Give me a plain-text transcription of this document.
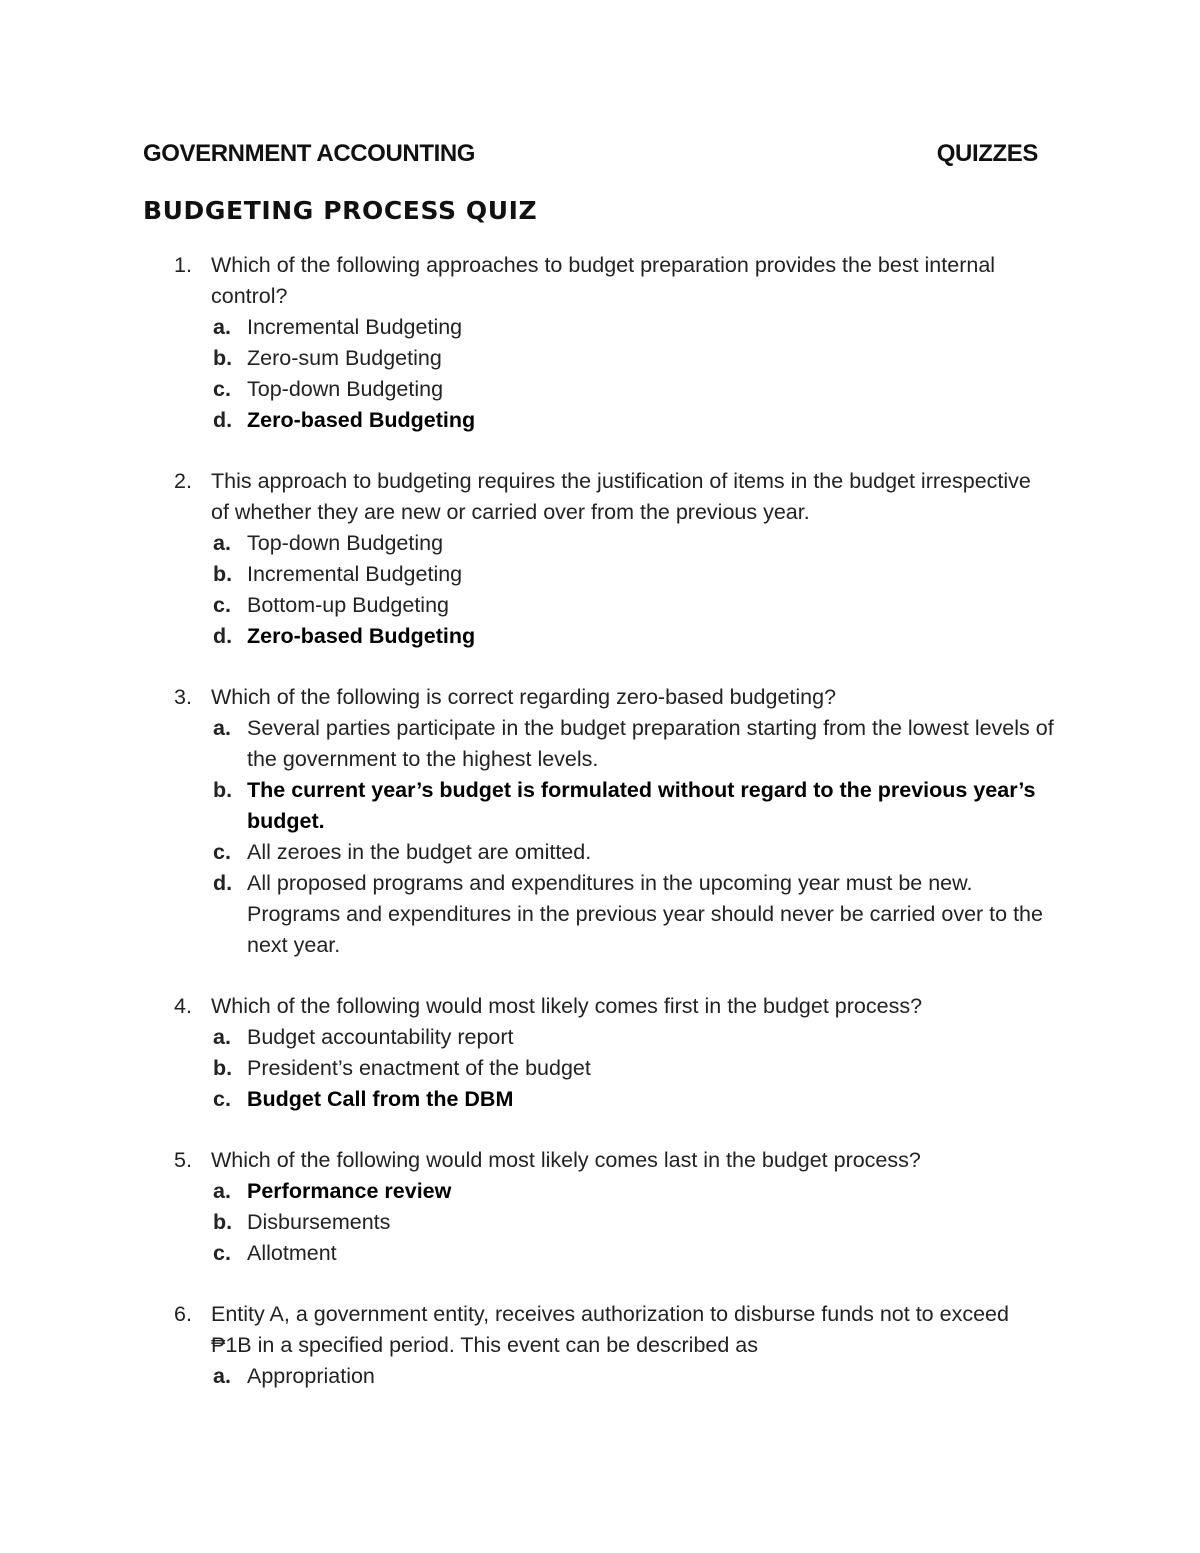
GOVERNMENT ACCOUNTING	QUIZZES
BUDGETING PROCESS QUIZ
1. Which of the following approaches to budget preparation provides the best internal control?
a. Incremental Budgeting
b. Zero-sum Budgeting
c. Top-down Budgeting
d. Zero-based Budgeting
2. This approach to budgeting requires the justification of items in the budget irrespective of whether they are new or carried over from the previous year.
a. Top-down Budgeting
b. Incremental Budgeting
c. Bottom-up Budgeting
d. Zero-based Budgeting
3. Which of the following is correct regarding zero-based budgeting?
a. Several parties participate in the budget preparation starting from the lowest levels of the government to the highest levels.
b. The current year’s budget is formulated without regard to the previous year’s budget.
c. All zeroes in the budget are omitted.
d. All proposed programs and expenditures in the upcoming year must be new. Programs and expenditures in the previous year should never be carried over to the next year.
4. Which of the following would most likely comes first in the budget process?
a. Budget accountability report
b. President’s enactment of the budget
c. Budget Call from the DBM
5. Which of the following would most likely comes last in the budget process?
a. Performance review
b. Disbursements
c. Allotment
6. Entity A, a government entity, receives authorization to disburse funds not to exceed ₱1B in a specified period. This event can be described as
a. Appropriation
